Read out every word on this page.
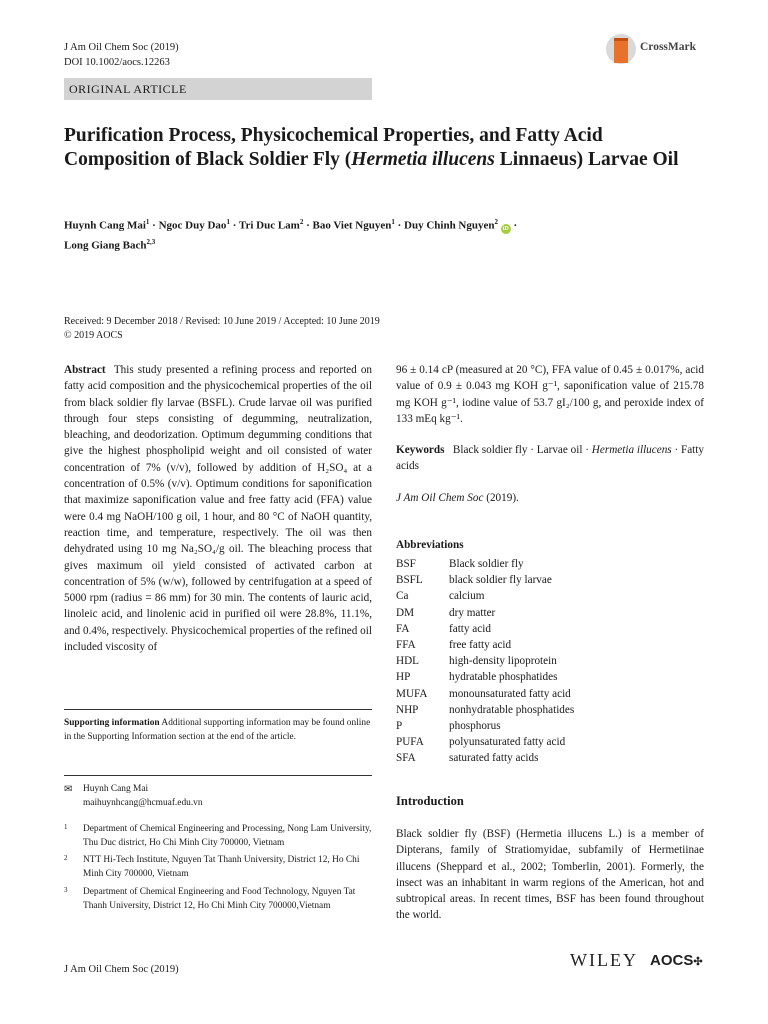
J Am Oil Chem Soc (2019)
DOI 10.1002/aocs.12263
ORIGINAL ARTICLE
CrossMark
Purification Process, Physicochemical Properties, and Fatty Acid Composition of Black Soldier Fly (Hermetia illucens Linnaeus) Larvae Oil
Huynh Cang Mai$^1$ · Ngoc Duy Dao$^1$ · Tri Duc Lam$^2$ · Bao Viet Nguyen$^1$ · Duy Chinh Nguyen$^2$ iD ·
Long Giang Bach$^{2,3}$
Received: 9 December 2018 / Revised: 10 June 2019 / Accepted: 10 June 2019
© 2019 AOCS
Abstract This study presented a refining process and reported on fatty acid composition and the physicochemical properties of the oil from black soldier fly larvae (BSFL). Crude larvae oil was purified through four steps consisting of degumming, neutralization, bleaching, and deodorization. Optimum degumming conditions that give the highest phospholipid weight and oil consisted of water concentration of 7% (v/v), followed by addition of H₂SO₄ at a concentration of 0.5% (v/v). Optimum conditions for saponification that maximize saponification value and free fatty acid (FFA) value were 0.4 mg NaOH/100 g oil, 1 hour, and 80 °C of NaOH quantity, reaction time, and temperature, respectively. The oil was then dehydrated using 10 mg Na₂SO₄/g oil. The bleaching process that gives maximum oil yield consisted of activated carbon at concentration of 5% (w/w), followed by centrifugation at a speed of 5000 rpm (radius = 86 mm) for 30 min. The contents of lauric acid, linoleic acid, and linolenic acid in purified oil were 28.8%, 11.1%, and 0.4%, respectively. Physicochemical properties of the refined oil included viscosity of
Supporting information Additional supporting information may be found online in the Supporting Information section at the end of the article.
✉ Huynh Cang Mai
maihuynhcang@hcmuaf.edu.vn
1 Department of Chemical Engineering and Processing, Nong Lam University, Thu Duc district, Ho Chi Minh City 700000, Vietnam
2 NTT Hi-Tech Institute, Nguyen Tat Thanh University, District 12, Ho Chi Minh City 700000, Vietnam
3 Department of Chemical Engineering and Food Technology, Nguyen Tat Thanh University, District 12, Ho Chi Minh City 700000,Vietnam
96 ± 0.14 cP (measured at 20 °C), FFA value of 0.45 ± 0.017%, acid value of 0.9 ± 0.043 mg KOH g⁻¹, saponification value of 215.78 mg KOH g⁻¹, iodine value of 53.7 gI₂/100 g, and peroxide index of 133 mEq kg⁻¹.
Keywords Black soldier fly · Larvae oil · Hermetia illucens · Fatty acids
J Am Oil Chem Soc (2019).
Abbreviations
BSF	Black soldier fly
BSFL black soldier fly larvae
Ca	calcium
DM	dry matter
FA	fatty acid
FFA	free fatty acid
HDL	high-density lipoprotein
HP	hydratable phosphatides
MUFA monounsaturated fatty acid
NHP	nonhydratable phosphatides
P	phosphorus
PUFA polyunsaturated fatty acid
SFA	saturated fatty acids
Introduction
Black soldier fly (BSF) (Hermetia illucens L.) is a member of Dipterans, family of Stratiomyidae, subfamily of Hermetiinae illucens (Sheppard et al., 2002; Tomberlin, 2001). Formerly, the insect was an inhabitant in warm regions of the American, hot and subtropical areas. In recent times, BSF has been found throughout the world.
J Am Oil Chem Soc (2019)	WILEY AOCS✣
